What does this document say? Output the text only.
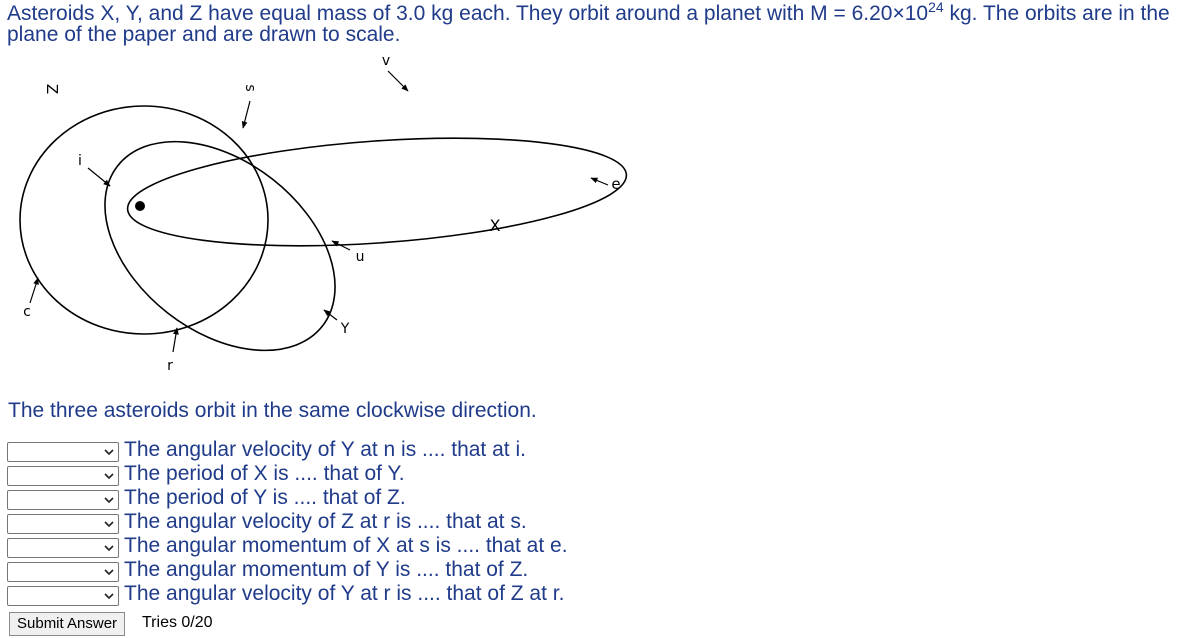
Asteroids X, Y, and Z have equal mass of 3.0 kg each. They orbit around a planet with $M = 6.20\times 10^{24}$ kg. The orbits are in the plane of the paper and are drawn to scale.
v
Z	s
i
e
X
n
c
Y
r
The three asteroids orbit in the same clockwise direction.
The angular velocity of Y at n is .... that at i.
The period of X is .... that of Y.
The period of Y is .... that of Z.
The angular velocity of Z at r is .... that at s.
The angular momentum of X at s is .... that at e.
The angular momentum of Y is .... that of Z.
The angular velocity of Y at r is .... that of Z at r.
Submit Answer	Tries 0/20
